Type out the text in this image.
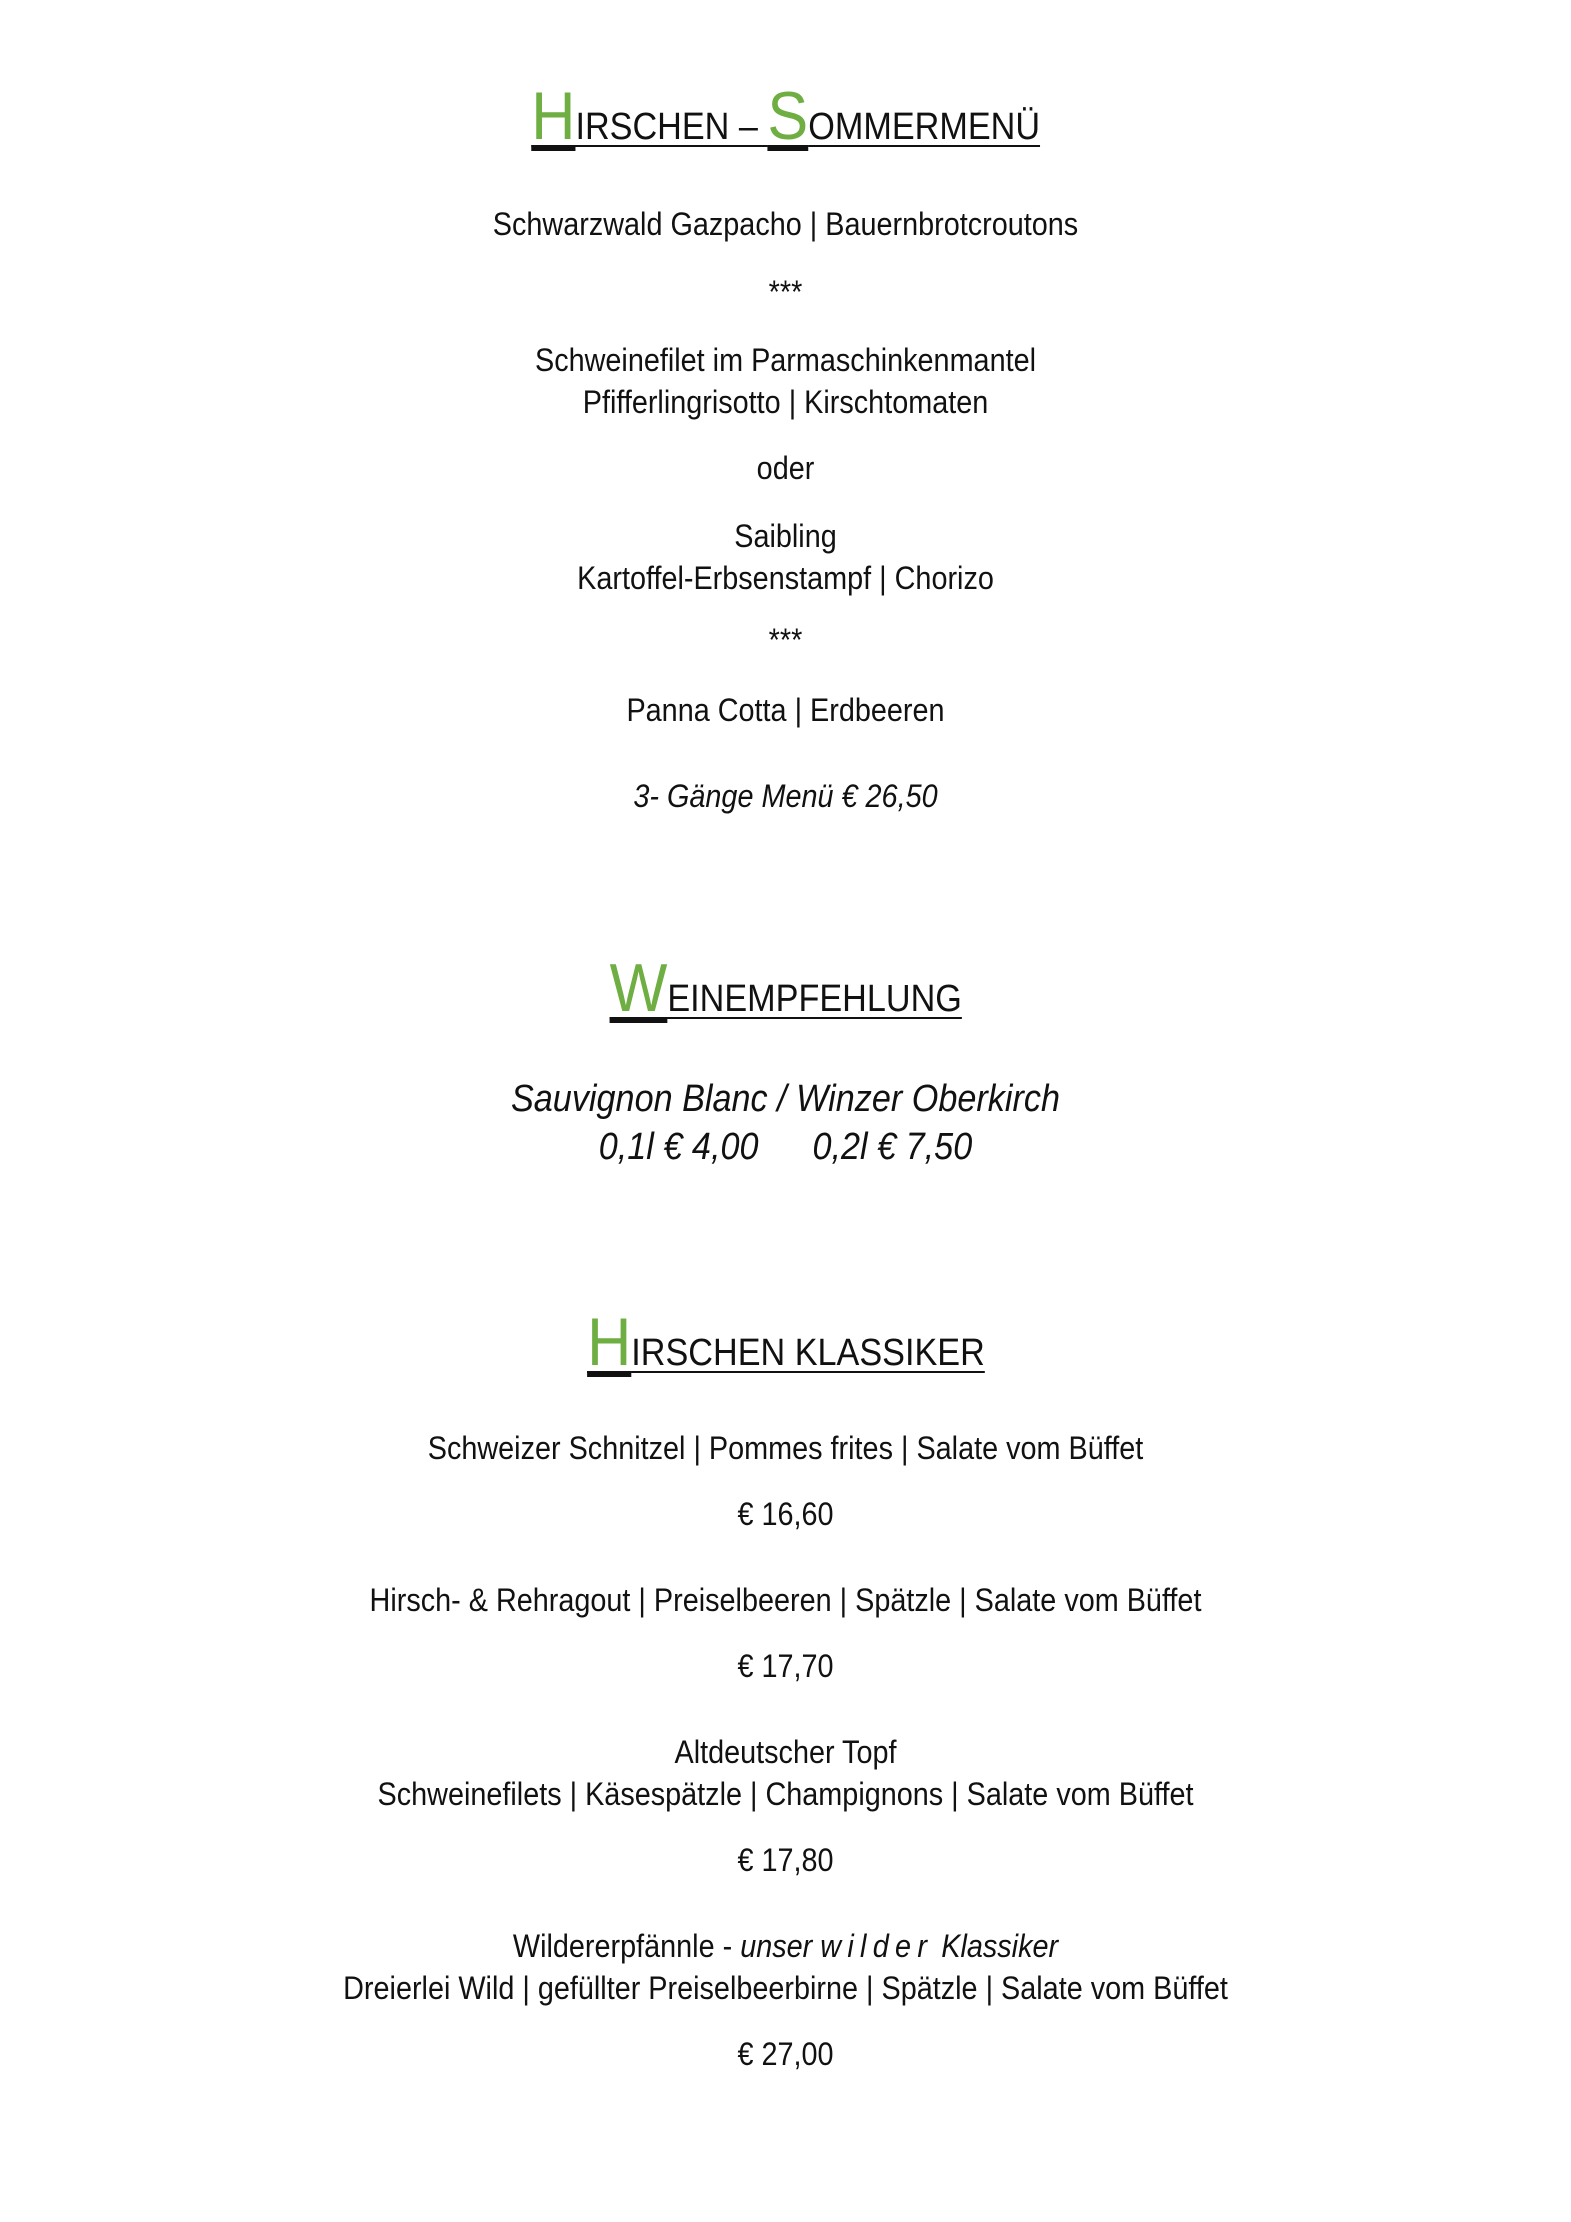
HIRSCHEN – SOMMERMENÜ
Schwarzwald Gazpacho | Bauernbrotcroutons
***
Schweinefilet im Parmaschinkenmantel
Pfifferlingrisotto | Kirschtomaten
oder
Saibling
Kartoffel-Erbsenstampf | Chorizo
***
Panna Cotta | Erdbeeren
3- Gänge Menü € 26,50
WEINEMPFEHLUNG
Sauvignon Blanc / Winzer Oberkirch
0,1l € 4,00 0,2l € 7,50
HIRSCHEN KLASSIKER
Schweizer Schnitzel | Pommes frites | Salate vom Büffet
€ 16,60
Hirsch- & Rehragout | Preiselbeeren | Spätzle | Salate vom Büffet
€ 17,70
Altdeutscher Topf
Schweinefilets | Käsespätzle | Champignons | Salate vom Büffet
€ 17,80
Wildererpfännle - unser wilder Klassiker
Dreierlei Wild | gefüllter Preiselbeerbirne | Spätzle | Salate vom Büffet
€ 27,00
